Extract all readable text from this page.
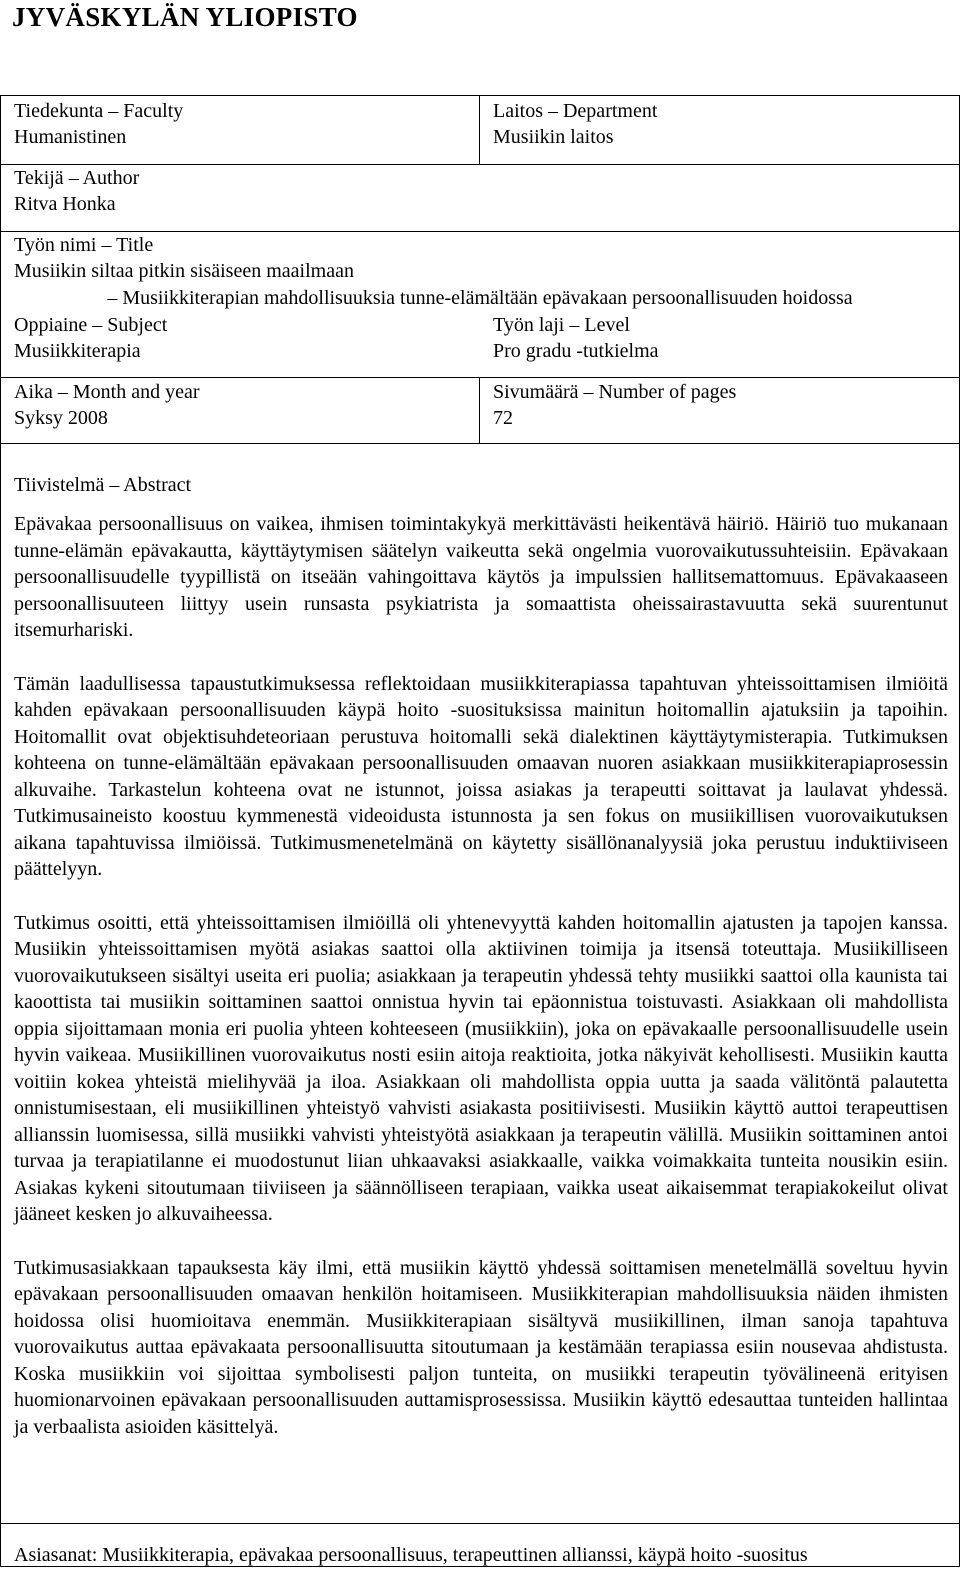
JYVÄSKYLÄN YLIOPISTO
Tiedekunta – Faculty
Humanistinen
Laitos – Department
Musiikin laitos
Tekijä – Author
Ritva Honka
Työn nimi – Title
Musiikin siltaa pitkin sisäiseen maailmaan
– Musiikkiterapian mahdollisuuksia tunne-elämältään epävakaan persoonallisuuden hoidossa
Oppiaine – Subject
Musiikkiterapia
Työn laji – Level
Pro gradu -tutkielma
Aika – Month and year
Syksy 2008
Sivumäärä – Number of pages
72
Tiivistelmä – Abstract

Epävakaa persoonallisuus on vaikea, ihmisen toimintakykyä merkittävästi heikentävä häiriö. Häiriö tuo mukanaan tunne-elämän epävakautta, käyttäytymisen säätelyn vaikeutta sekä ongelmia vuorovaikutussuhteisiin. Epävakaan persoonallisuudelle tyypillistä on itseään vahingoittava käytös ja impulssien hallitsemattomuus. Epävakaaseen persoonallisuuteen liittyy usein runsasta psykiatrista ja somaattista oheissairastavuutta sekä suurentunut itsemurhariski.

Tämän laadullisessa tapaustutkimuksessa reflektoidaan musiikkiterapiassa tapahtuvan yhteissoittamisen ilmiöitä kahden epävakaan persoonallisuuden käypä hoito -suosituksissa mainitun hoitomallin ajatuksiin ja tapoihin. Hoitomallit ovat objektisuhdeteoriaan perustuva hoitomalli sekä dialektinen käyttäytymisterapia. Tutkimuksen kohteena on tunne-elämältään epävakaan persoonallisuuden omaavan nuoren asiakkaan musiikkiterapiaprosessin alkuvaihe. Tarkastelun kohteena ovat ne istunnot, joissa asiakas ja terapeutti soittavat ja laulavat yhdessä. Tutkimusaineisto koostuu kymmenestä videoidusta istunnosta ja sen fokus on musiikillisen vuorovaikutuksen aikana tapahtuvissa ilmiöissä. Tutkimusmenetelmänä on käytetty sisällönanalyysiä joka perustuu induktiiviseen päättelyyn.

Tutkimus osoitti, että yhteissoittamisen ilmiöillä oli yhtenevyyttä kahden hoitomallin ajatusten ja tapojen kanssa. Musiikin yhteissoittamisen myötä asiakas saattoi olla aktiivinen toimija ja itsensä toteuttaja. Musiikilliseen vuorovaikutukseen sisältyi useita eri puolia; asiakkaan ja terapeutin yhdessä tehty musiikki saattoi olla kaunista tai kaoottista tai musiikin soittaminen saattoi onnistua hyvin tai epäonnistua toistuvasti. Asiakkaan oli mahdollista oppia sijoittamaan monia eri puolia yhteen kohteeseen (musiikkiin), joka on epävakaalle persoonallisuudelle usein hyvin vaikeaa. Musiikillinen vuorovaikutus nosti esiin aitoja reaktioita, jotka näkyivät kehollisesti. Musiikin kautta voitiin kokea yhteistä mielihyvää ja iloa. Asiakkaan oli mahdollista oppia uutta ja saada välitöntä palautetta onnistumisestaan, eli musiikillinen yhteistyö vahvisti asiakasta positiivisesti. Musiikin käyttö auttoi terapeuttisen allianssin luomisessa, sillä musiikki vahvisti yhteistyötä asiakkaan ja terapeutin välillä. Musiikin soittaminen antoi turvaa ja terapiatilanne ei muodostunut liian uhkaavaksi asiakkaalle, vaikka voimakkaita tunteita nousikin esiin. Asiakas kykeni sitoutumaan tiiviiseen ja säännölliseen terapiaan, vaikka useat aikaisemmat terapiakokeilut olivat jääneet kesken jo alkuvaiheessa.

Tutkimusasiakkaan tapauksesta käy ilmi, että musiikin käyttö yhdessä soittamisen menetelmällä soveltuu hyvin epävakaan persoonallisuuden omaavan henkilön hoitamiseen. Musiikkiterapian mahdollisuuksia näiden ihmisten hoidossa olisi huomioitava enemmän. Musiikkiterapiaan sisältyvä musiikillinen, ilman sanoja tapahtuva vuorovaikutus auttaa epävakaata persoonallisuutta sitoutumaan ja kestämään terapiassa esiin nousevaa ahdistusta. Koska musiikkiin voi sijoittaa symbolisesti paljon tunteita, on musiikki terapeutin työvälineenä erityisen huomionarvoinen epävakaan persoonallisuuden auttamisprosessissa. Musiikin käyttö edesauttaa tunteiden hallintaa ja verbaalista asioiden käsittelyä.

Asiasanat: Musiikkiterapia, epävakaa persoonallisuus, terapeuttinen allianssi, käypä hoito -suositus
